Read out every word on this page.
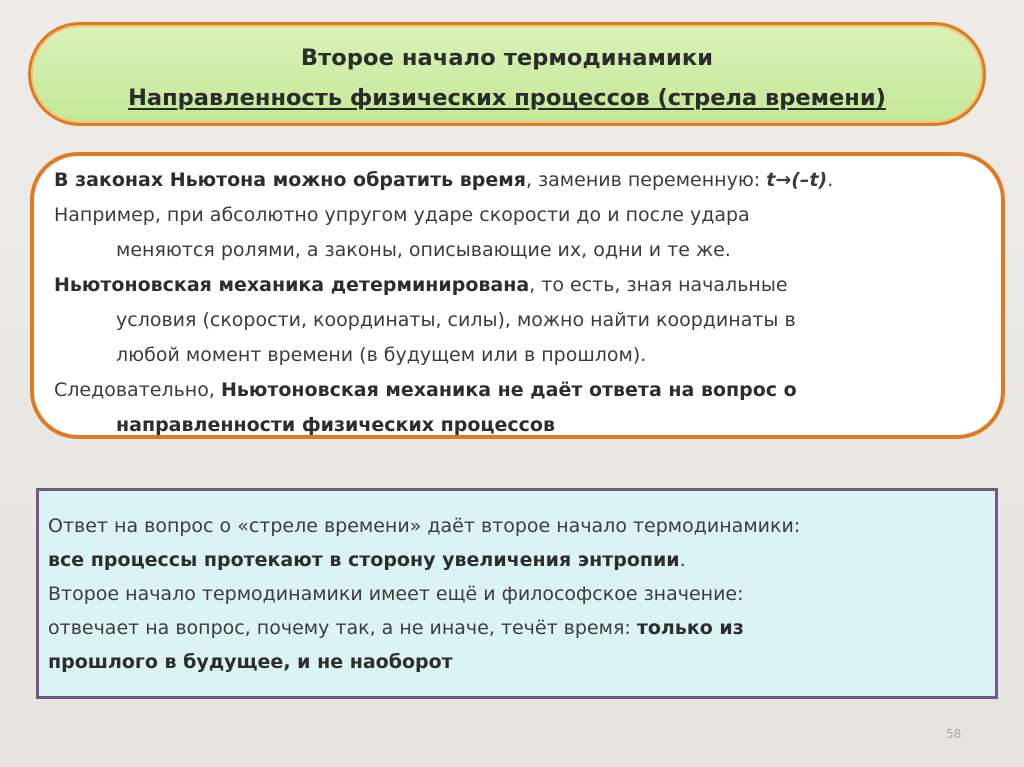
Второе начало термодинамики
Направленность физических процессов (стрела времени)
В законах Ньютона можно обратить время, заменив переменную: t→(–t).
Например, при абсолютно упругом ударе скорости до и после удара
меняются ролями, а законы, описывающие их, одни и те же.
Ньютоновская механика детерминирована, то есть, зная начальные
условия (скорости, координаты, силы), можно найти координаты в
любой момент времени (в будущем или в прошлом).
Следовательно, Ньютоновская механика не даёт ответа на вопрос о
направленности физических процессов
Ответ на вопрос о «стреле времени» даёт второе начало термодинамики:
все процессы протекают в сторону увеличения энтропии.
Второе начало термодинамики имеет ещё и философское значение:
отвечает на вопрос, почему так, а не иначе, течёт время: только из
прошлого в будущее, и не наоборот
58
